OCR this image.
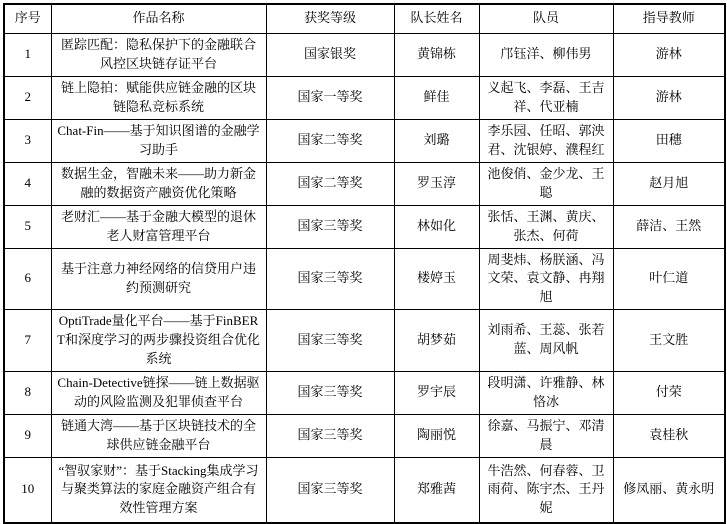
序号	作品名称	获奖等级	队长姓名	队员	指导教师
1	匿踪匹配：隐私保护下的金融联合风控区块链存证平台	国家银奖	黄锦栋	邝钰洋、柳伟男	游林
2	链上隐拍：赋能供应链金融的区块链隐私竞标系统	国家一等奖	鲜佳	义起飞、李磊、王吉祥、代亚楠	游林
3	Chat-Fin——基于知识图谱的金融学习助手	国家二等奖	刘璐	李乐园、任昭、郭泱君、沈银婷、濮程红	田穗
4	数据生金，智融未来——助力新金融的数据资产融资优化策略	国家二等奖	罗玉淳	池俊俏、金少龙、王聪	赵月旭
5	老财汇——基于金融大模型的退休老人财富管理平台	国家三等奖	林如化	张恬、王渊、黄庆、张杰、何荷	薛洁、王然
6	基于注意力神经网络的信贷用户违约预测研究	国家三等奖	楼婷玉	周斐炜、杨朕涵、冯文荣、袁文静、冉翔旭	叶仁道
7	OptiTrade量化平台——基于FinBERT和深度学习的两步骤投资组合优化系统	国家三等奖	胡梦茹	刘雨希、王蕊、张若蓝、周风帆	王文胜
8	Chain-Detective链探——链上数据驱动的风险监测及犯罪侦查平台	国家三等奖	罗宇辰	段明潇、许雅静、林恪冰	付荣
9	链通大湾——基于区块链技术的全球供应链金融平台	国家三等奖	陶丽悦	徐嘉、马振宁、邓清晨	袁桂秋
10	“智驭家财”：基于Stacking集成学习与聚类算法的家庭金融资产组合有效性管理方案	国家三等奖	郑雅茜	牛浩然、何春蓉、卫雨荷、陈宇杰、王丹妮	修凤丽、黄永明
